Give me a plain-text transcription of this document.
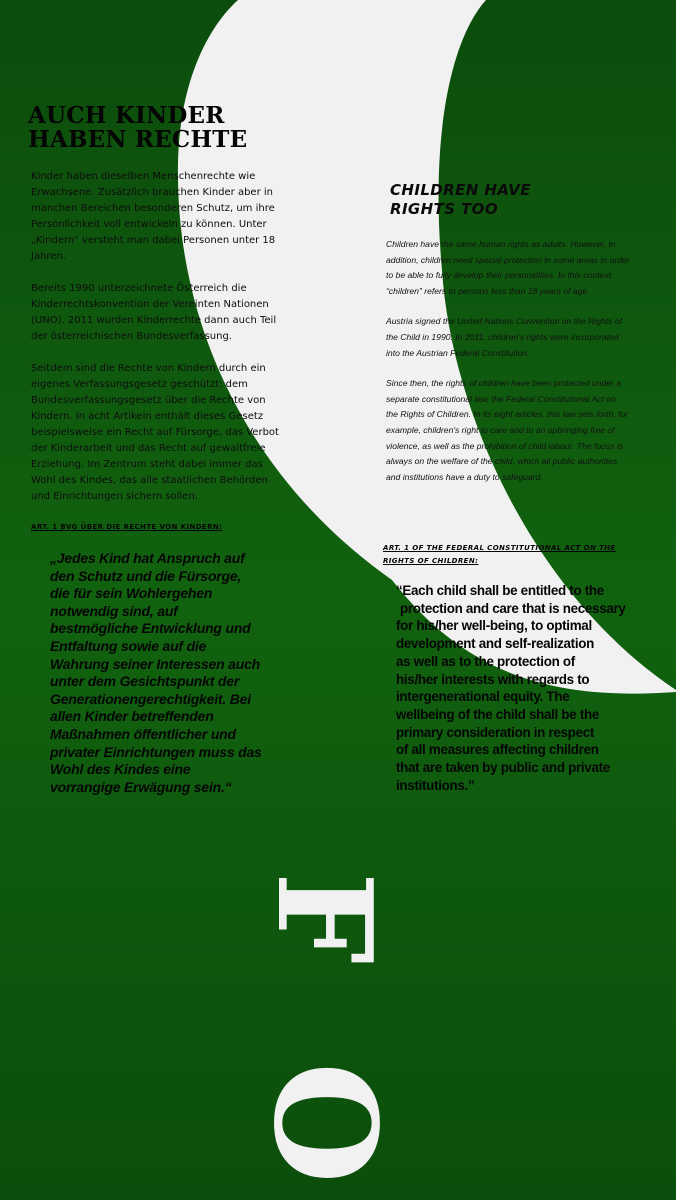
AUCH KINDER
HABEN RECHTE

Kinder haben dieselben Menschenrechte wie Erwachsene. Zusätzlich brauchen Kinder aber in manchen Bereichen besonderen Schutz, um ihre Persönlichkeit voll entwickeln zu können. Unter „Kindern“ versteht man dabei Personen unter 18 Jahren.

Bereits 1990 unterzeichnete Österreich die Kinderrechtskonvention der Vereinten Nationen (UNO). 2011 wurden Kinderrechte dann auch Teil der österreichischen Bundesverfassung.

Seitdem sind die Rechte von Kindern durch ein eigenes Verfassungsgesetz geschützt: dem Bundesverfassungsgesetz über die Rechte von Kindern. In acht Artikeln enthält dieses Gesetz beispielsweise ein Recht auf Fürsorge, das Verbot der Kinderarbeit und das Recht auf gewaltfreie Erziehung. Im Zentrum steht dabei immer das Wohl des Kindes, das alle staatlichen Behörden und Einrichtungen sichern sollen.

ART. 1 BVG ÜBER DIE RECHTE VON KINDERN:
„Jedes Kind hat Anspruch auf den Schutz und die Fürsorge, die für sein Wohlergehen notwendig sind, auf bestmögliche Entwicklung und Entfaltung sowie auf die Wahrung seiner Interessen auch unter dem Gesichtspunkt der Generationengerechtigkeit. Bei allen Kinder betreffenden Maßnahmen öffentlicher und privater Einrichtungen muss das Wohl des Kindes eine vorrangige Erwägung sein.“
CHILDREN HAVE
RIGHTS TOO

Children have the same human rights as adults. However, in addition, children need special protection in some areas in order to be able to fully develop their personalities. In this context, “children” refers to persons less than 18 years of age.

Austria signed the United Nations Convention on the Rights of the Child in 1990. In 2011, children's rights were incorporated into the Austrian Federal Constitution.

Since then, the rights of children have been protected under a separate constitutional law, the Federal Constitutional Act on the Rights of Children. In its eight articles, this law sets forth, for example, children's right to care and to an upbringing free of violence, as well as the prohibition of child labour. The focus is always on the welfare of the child, which all public authorities and institutions have a duty to safeguard.

ART. 1 OF THE FEDERAL CONSTITUTIONAL ACT ON THE RIGHTS OF CHILDREN:
“Each child shall be entitled to the
protection and care that is necessary
for his/her well-being, to optimal
development and self-realization
as well as to the protection of
his/her interests with regards to
intergenerational equity. The
wellbeing of the child shall be the
primary consideration in respect
of all measures affecting children
that are taken by public and private
institutions.”
F
O
